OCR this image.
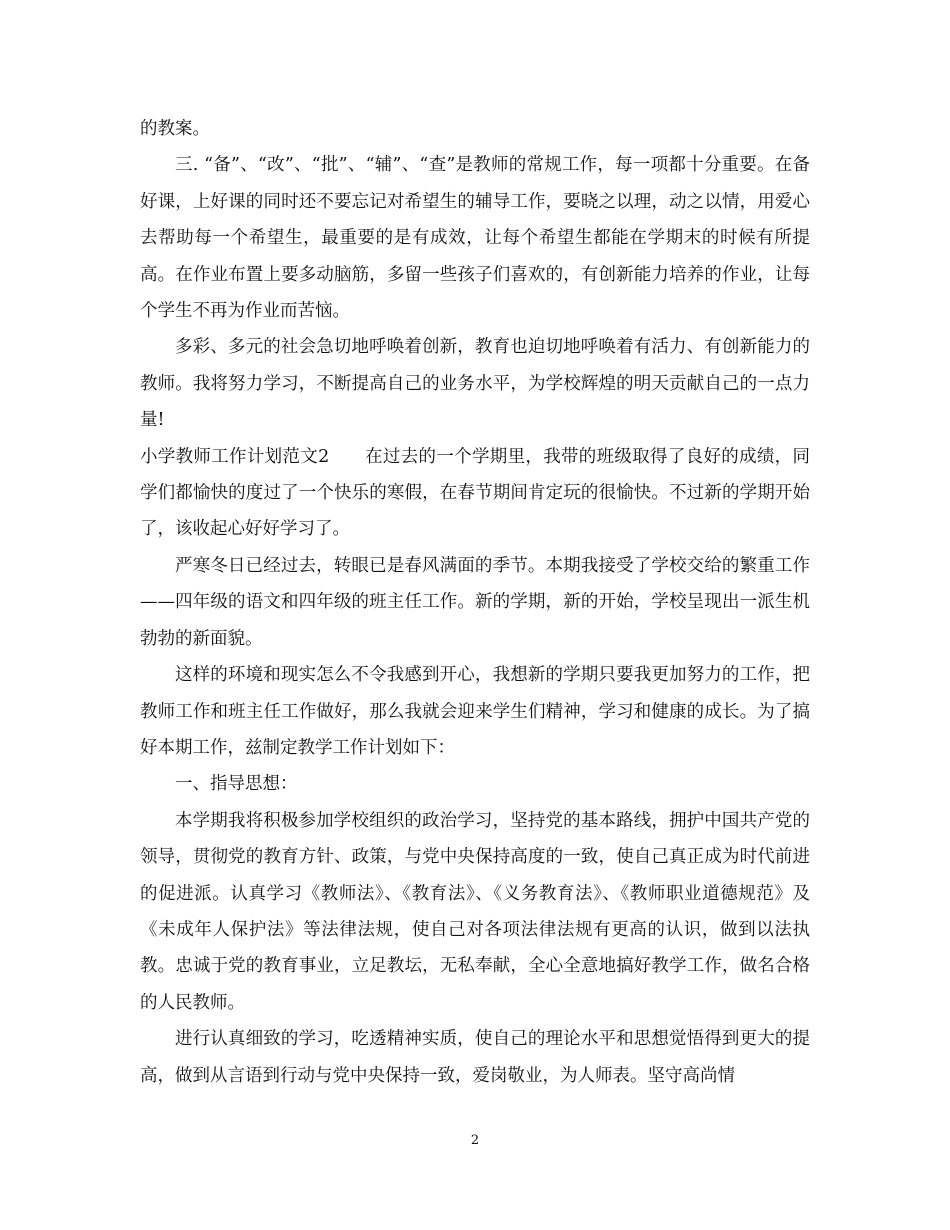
的教案。

三. “备”、“改”、“批”、“辅”、“查”是教师的常规工作，每一项都十分重要。在备好课，上好课的同时还不要忘记对希望生的辅导工作，要晓之以理，动之以情，用爱心去帮助每一个希望生，最重要的是有成效，让每个希望生都能在学期末的时候有所提高。在作业布置上要多动脑筋，多留一些孩子们喜欢的，有创新能力培养的作业，让每个学生不再为作业而苦恼。

多彩、多元的社会急切地呼唤着创新，教育也迫切地呼唤着有活力、有创新能力的教师。我将努力学习，不断提高自己的业务水平，为学校辉煌的明天贡献自己的一点力量!

小学教师工作计划范文2　　在过去的一个学期里，我带的班级取得了良好的成绩，同学们都愉快的度过了一个快乐的寒假，在春节期间肯定玩的很愉快。不过新的学期开始了，该收起心好好学习了。

严寒冬日已经过去，转眼已是春风满面的季节。本期我接受了学校交给的繁重工作——四年级的语文和四年级的班主任工作。新的学期，新的开始，学校呈现出一派生机勃勃的新面貌。

这样的环境和现实怎么不令我感到开心，我想新的学期只要我更加努力的工作，把教师工作和班主任工作做好，那么我就会迎来学生们精神，学习和健康的成长。为了搞好本期工作，兹制定教学工作计划如下：

一、指导思想：

本学期我将积极参加学校组织的政治学习，坚持党的基本路线，拥护中国共产党的领导，贯彻党的教育方针、政策，与党中央保持高度的一致，使自己真正成为时代前进的促进派。认真学习《教师法》、《教育法》、《义务教育法》、《教师职业道德规范》及《未成年人保护法》等法律法规，使自己对各项法律法规有更高的认识，做到以法执教。忠诚于党的教育事业，立足教坛，无私奉献，全心全意地搞好教学工作，做名合格的人民教师。

进行认真细致的学习，吃透精神实质，使自己的理论水平和思想觉悟得到更大的提高，做到从言语到行动与党中央保持一致，爱岗敬业，为人师表。坚守高尚情

2
